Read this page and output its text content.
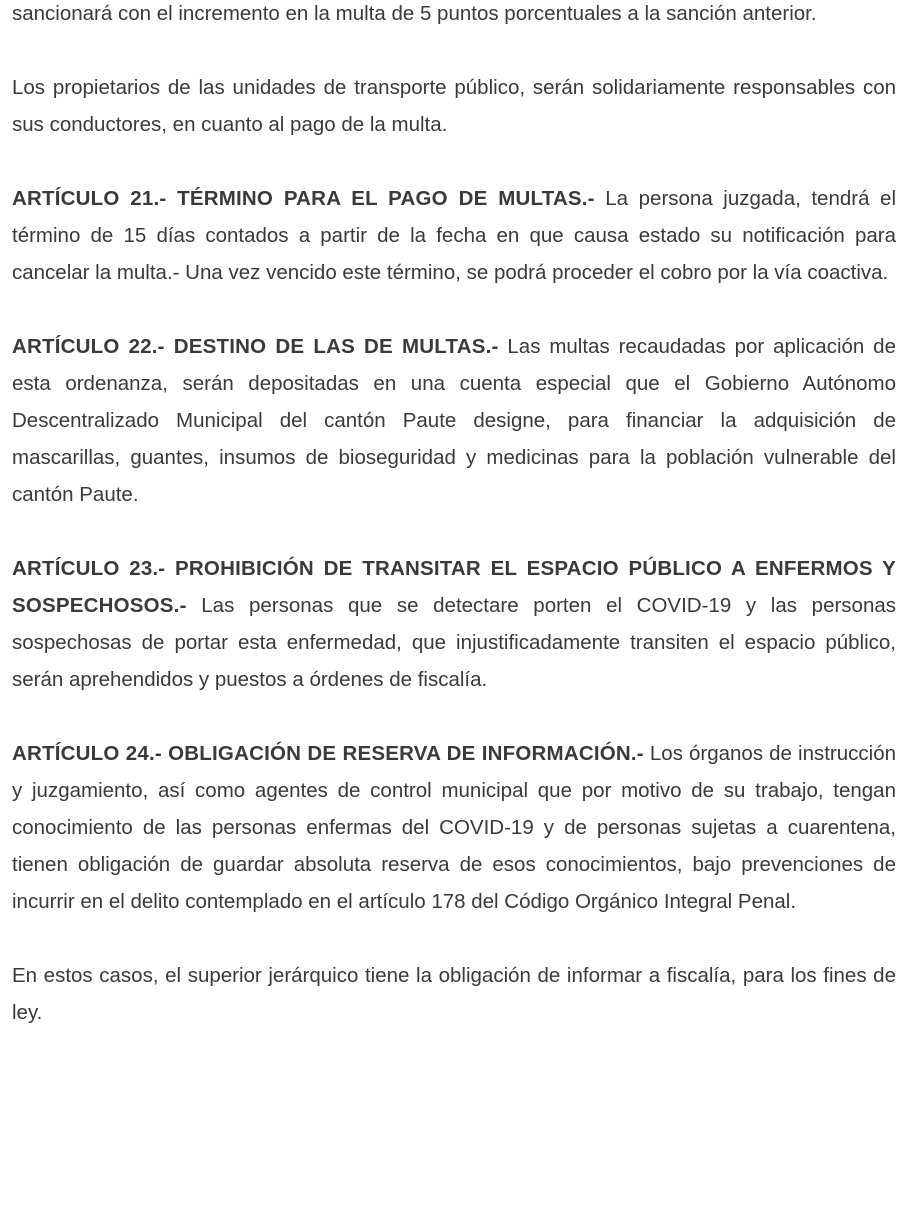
sancionará con el incremento en la multa de 5 puntos porcentuales a la sanción anterior.

Los propietarios de las unidades de transporte público, serán solidariamente responsables con sus conductores, en cuanto al pago de la multa.

ARTÍCULO 21.- TÉRMINO PARA EL PAGO DE MULTAS.- La persona juzgada, tendrá el término de 15 días contados a partir de la fecha en que causa estado su notificación para cancelar la multa.- Una vez vencido este término, se podrá proceder el cobro por la vía coactiva.

ARTÍCULO 22.- DESTINO DE LAS DE MULTAS.- Las multas recaudadas por aplicación de esta ordenanza, serán depositadas en una cuenta especial que el Gobierno Autónomo Descentralizado Municipal del cantón Paute designe, para financiar la adquisición de mascarillas, guantes, insumos de bioseguridad y medicinas para la población vulnerable del cantón Paute.

ARTÍCULO 23.- PROHIBICIÓN DE TRANSITAR EL ESPACIO PÚBLICO A ENFERMOS Y SOSPECHOSOS.- Las personas que se detectare porten el COVID-19 y las personas sospechosas de portar esta enfermedad, que injustificadamente transiten el espacio público, serán aprehendidos y puestos a órdenes de fiscalía.

ARTÍCULO 24.- OBLIGACIÓN DE RESERVA DE INFORMACIÓN.- Los órganos de instrucción y juzgamiento, así como agentes de control municipal que por motivo de su trabajo, tengan conocimiento de las personas enfermas del COVID-19 y de personas sujetas a cuarentena, tienen obligación de guardar absoluta reserva de esos conocimientos, bajo prevenciones de incurrir en el delito contemplado en el artículo 178 del Código Orgánico Integral Penal.

En estos casos, el superior jerárquico tiene la obligación de informar a fiscalía, para los fines de ley.
